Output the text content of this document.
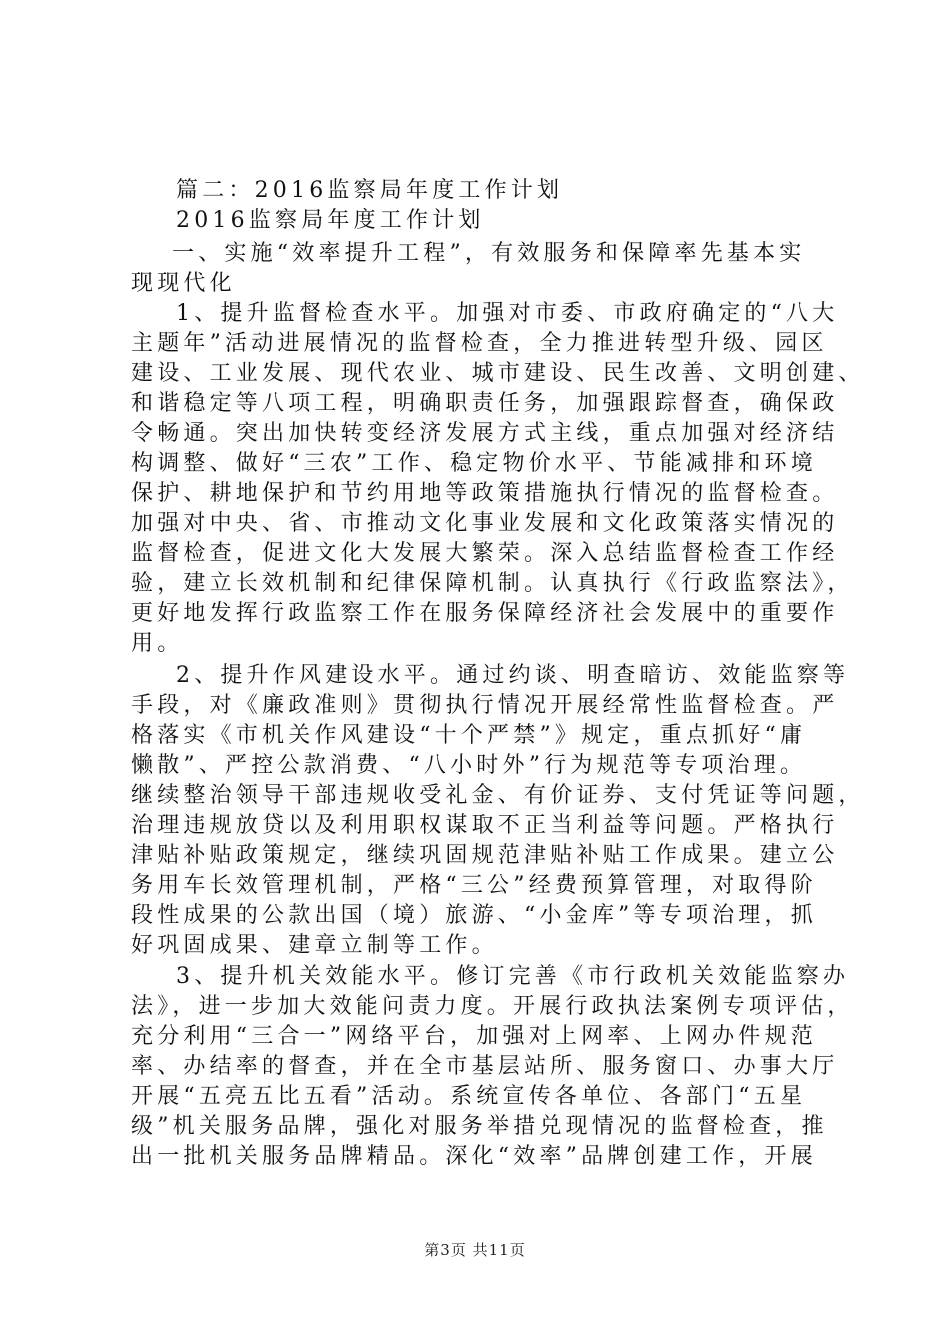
篇二：2016监察局年度工作计划
2016监察局年度工作计划
一、实施“效率提升工程”，有效服务和保障率先基本实
现现代化
1、提升监督检查水平。加强对市委、市政府确定的“八大
主题年”活动进展情况的监督检查，全力推进转型升级、园区
建设、工业发展、现代农业、城市建设、民生改善、文明创建、
和谐稳定等八项工程，明确职责任务，加强跟踪督查，确保政
令畅通。突出加快转变经济发展方式主线，重点加强对经济结
构调整、做好“三农”工作、稳定物价水平、节能减排和环境
保护、耕地保护和节约用地等政策措施执行情况的监督检查。
加强对中央、省、市推动文化事业发展和文化政策落实情况的
监督检查，促进文化大发展大繁荣。深入总结监督检查工作经
验，建立长效机制和纪律保障机制。认真执行《行政监察法》，
更好地发挥行政监察工作在服务保障经济社会发展中的重要作
用。
2、提升作风建设水平。通过约谈、明查暗访、效能监察等
手段，对《廉政准则》贯彻执行情况开展经常性监督检查。严
格落实《市机关作风建设“十个严禁”》规定，重点抓好“庸
懒散”、严控公款消费、“八小时外”行为规范等专项治理。
继续整治领导干部违规收受礼金、有价证券、支付凭证等问题，
治理违规放贷以及利用职权谋取不正当利益等问题。严格执行
津贴补贴政策规定，继续巩固规范津贴补贴工作成果。建立公
务用车长效管理机制，严格“三公”经费预算管理，对取得阶
段性成果的公款出国（境）旅游、“小金库”等专项治理，抓
好巩固成果、建章立制等工作。
3、提升机关效能水平。修订完善《市行政机关效能监察办
法》，进一步加大效能问责力度。开展行政执法案例专项评估，
充分利用“三合一”网络平台，加强对上网率、上网办件规范
率、办结率的督查，并在全市基层站所、服务窗口、办事大厅
开展“五亮五比五看”活动。系统宣传各单位、各部门“五星
级”机关服务品牌，强化对服务举措兑现情况的监督检查，推
出一批机关服务品牌精品。深化“效率”品牌创建工作，开展
第3页 共11页
